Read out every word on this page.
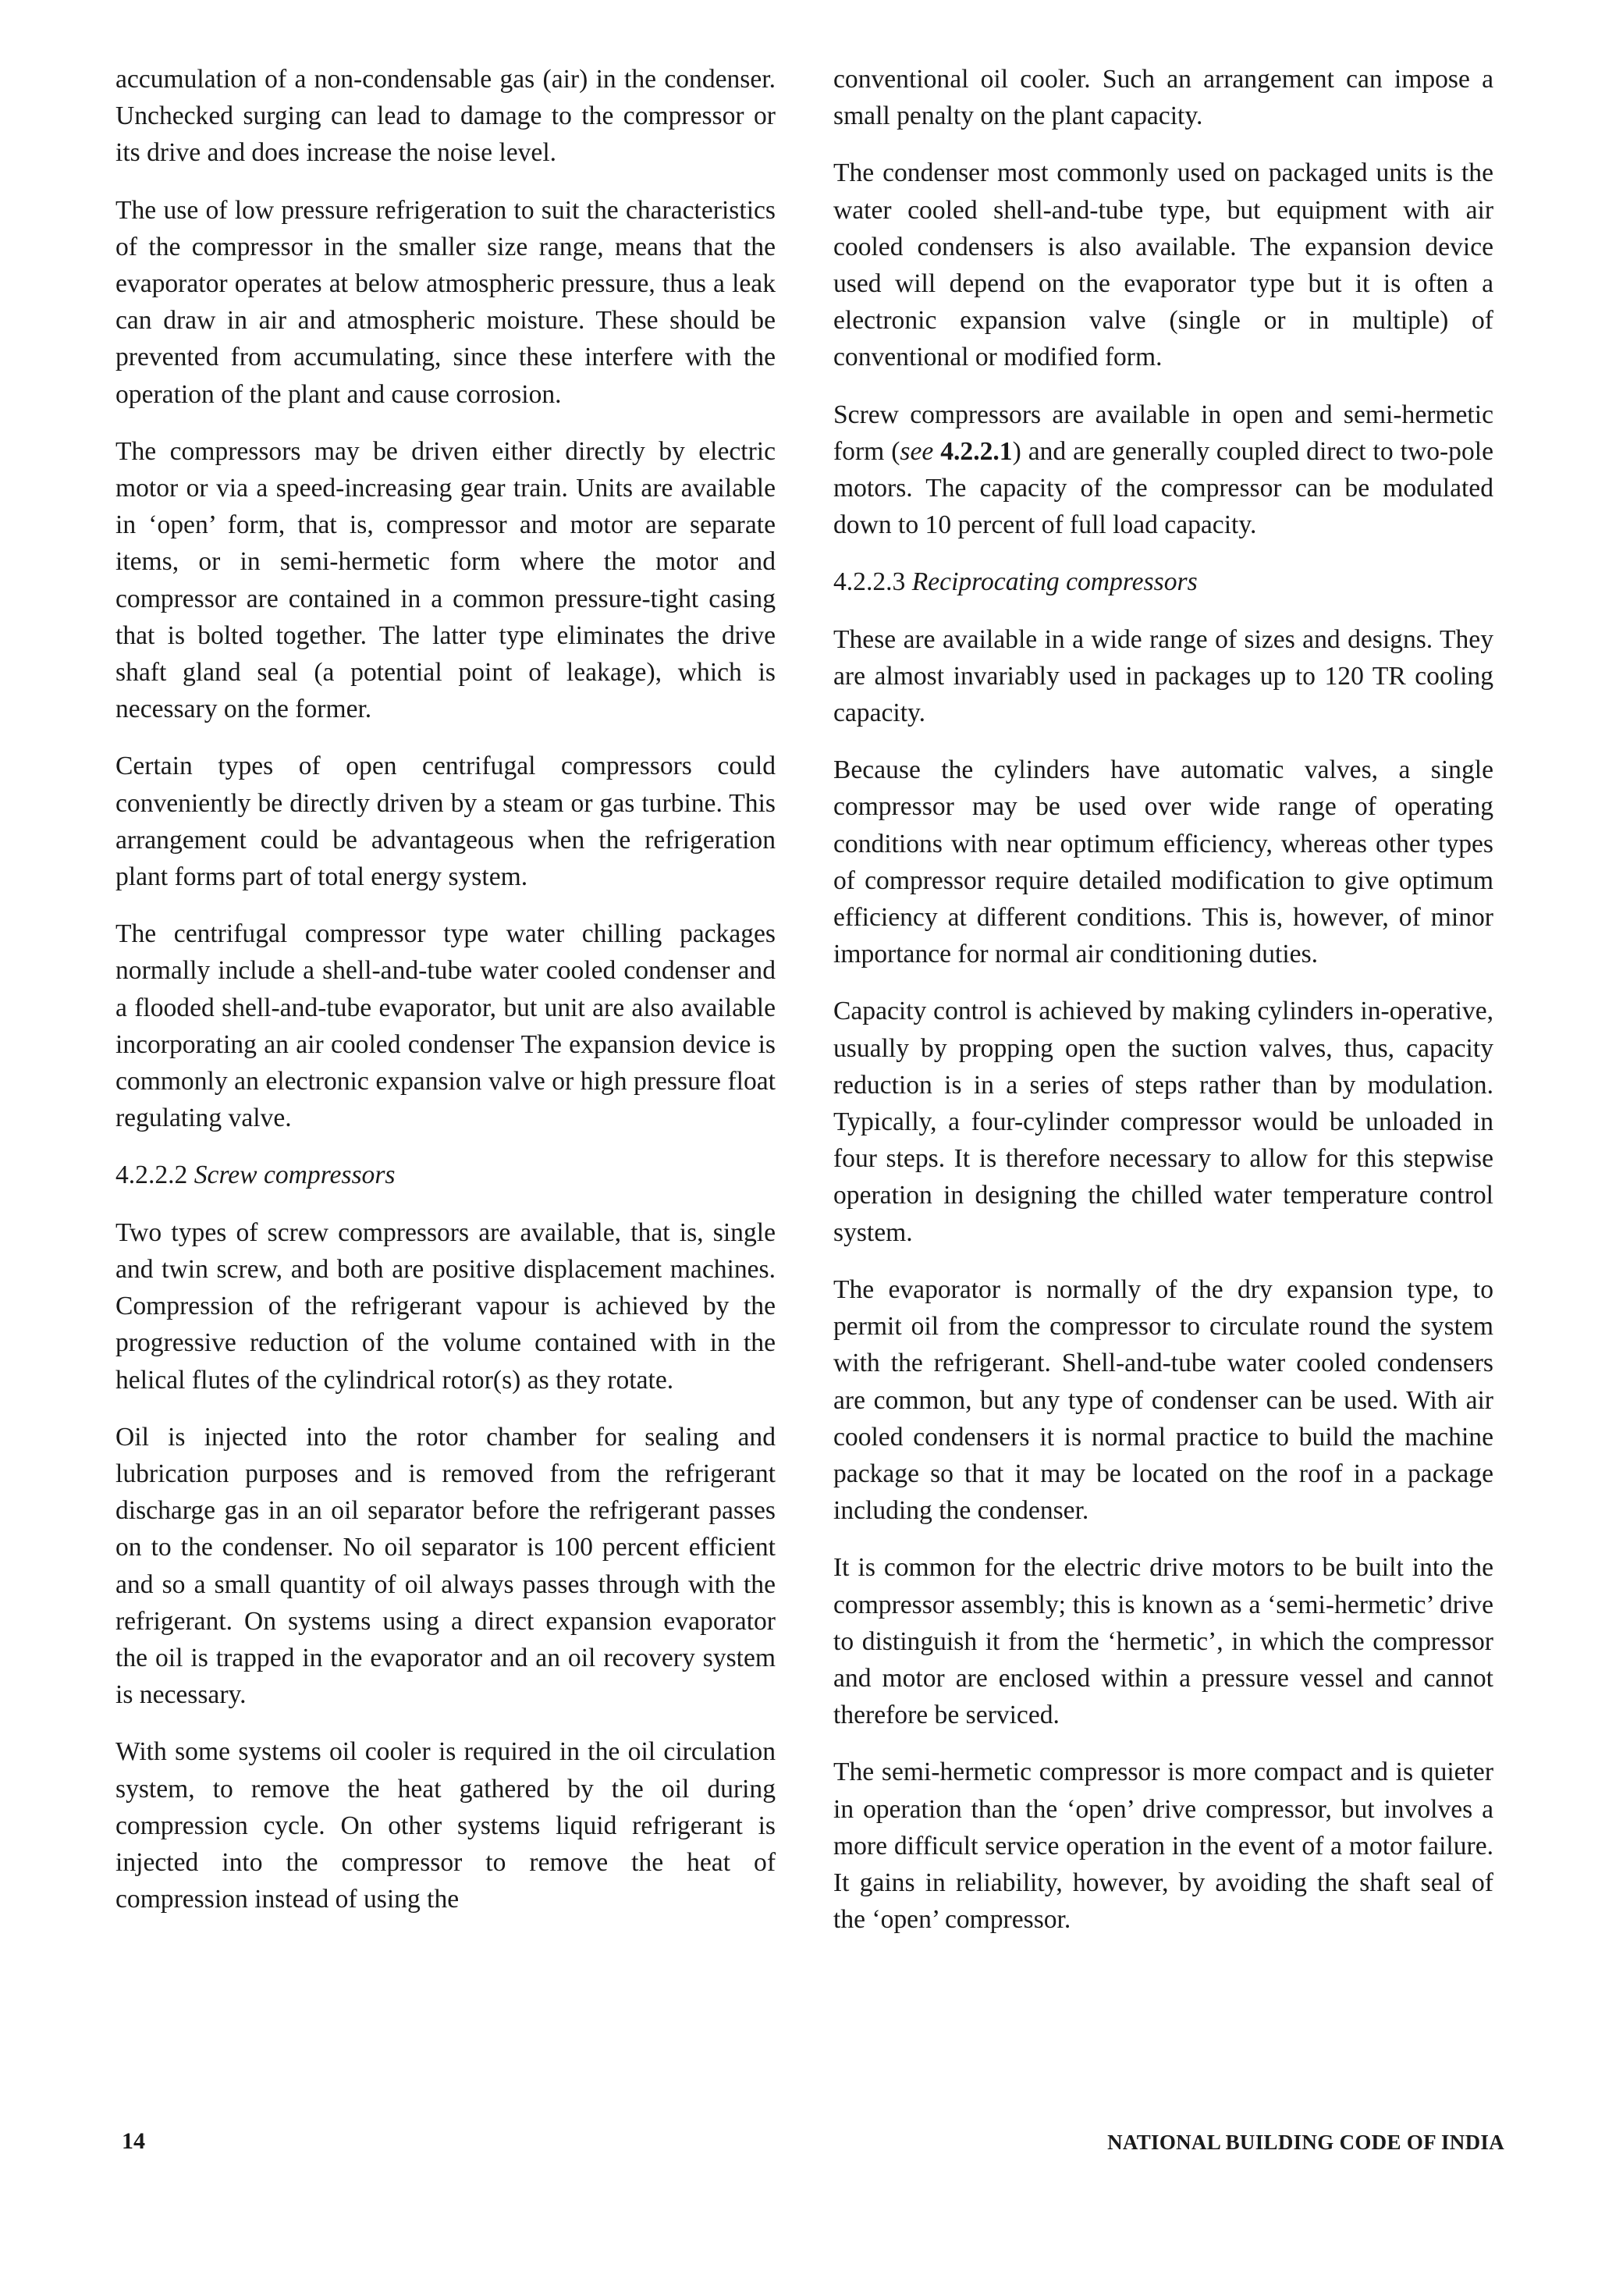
accumulation of a non-condensable gas (air) in the condenser. Unchecked surging can lead to damage to the compressor or its drive and does increase the noise level.

The use of low pressure refrigeration to suit the characteristics of the compressor in the smaller size range, means that the evaporator operates at below atmospheric pressure, thus a leak can draw in air and atmospheric moisture. These should be prevented from accumulating, since these interfere with the operation of the plant and cause corrosion.

The compressors may be driven either directly by electric motor or via a speed-increasing gear train. Units are available in ‘open’ form, that is, compressor and motor are separate items, or in semi-hermetic form where the motor and compressor are contained in a common pressure-tight casing that is bolted together. The latter type eliminates the drive shaft gland seal (a potential point of leakage), which is necessary on the former.

Certain types of open centrifugal compressors could conveniently be directly driven by a steam or gas turbine. This arrangement could be advantageous when the refrigeration plant forms part of total energy system.

The centrifugal compressor type water chilling packages normally include a shell-and-tube water cooled condenser and a flooded shell-and-tube evaporator, but unit are also available incorporating an air cooled condenser The expansion device is commonly an electronic expansion valve or high pressure float regulating valve.

4.2.2.2 Screw compressors

Two types of screw compressors are available, that is, single and twin screw, and both are positive displacement machines. Compression of the refrigerant vapour is achieved by the progressive reduction of the volume contained with in the helical flutes of the cylindrical rotor(s) as they rotate.

Oil is injected into the rotor chamber for sealing and lubrication purposes and is removed from the refrigerant discharge gas in an oil separator before the refrigerant passes on to the condenser. No oil separator is 100 percent efficient and so a small quantity of oil always passes through with the refrigerant. On systems using a direct expansion evaporator the oil is trapped in the evaporator and an oil recovery system is necessary.

With some systems oil cooler is required in the oil circulation system, to remove the heat gathered by the oil during compression cycle. On other systems liquid refrigerant is injected into the compressor to remove the heat of compression instead of using the

conventional oil cooler. Such an arrangement can impose a small penalty on the plant capacity.

The condenser most commonly used on packaged units is the water cooled shell-and-tube type, but equipment with air cooled condensers is also available. The expansion device used will depend on the evaporator type but it is often a electronic expansion valve (single or in multiple) of conventional or modified form.

Screw compressors are available in open and semi-hermetic form (see 4.2.2.1) and are generally coupled direct to two-pole motors. The capacity of the compressor can be modulated down to 10 percent of full load capacity.

4.2.2.3 Reciprocating compressors

These are available in a wide range of sizes and designs. They are almost invariably used in packages up to 120 TR cooling capacity.

Because the cylinders have automatic valves, a single compressor may be used over wide range of operating conditions with near optimum efficiency, whereas other types of compressor require detailed modification to give optimum efficiency at different conditions. This is, however, of minor importance for normal air conditioning duties.

Capacity control is achieved by making cylinders in-operative, usually by propping open the suction valves, thus, capacity reduction is in a series of steps rather than by modulation. Typically, a four-cylinder compressor would be unloaded in four steps. It is therefore necessary to allow for this stepwise operation in designing the chilled water temperature control system.

The evaporator is normally of the dry expansion type, to permit oil from the compressor to circulate round the system with the refrigerant. Shell-and-tube water cooled condensers are common, but any type of condenser can be used. With air cooled condensers it is normal practice to build the machine package so that it may be located on the roof in a package including the condenser.

It is common for the electric drive motors to be built into the compressor assembly; this is known as a ‘semi-hermetic’ drive to distinguish it from the ‘hermetic’, in which the compressor and motor are enclosed within a pressure vessel and cannot therefore be serviced.

The semi-hermetic compressor is more compact and is quieter in operation than the ‘open’ drive compressor, but involves a more difficult service operation in the event of a motor failure. It gains in reliability, however, by avoiding the shaft seal of the ‘open’ compressor.

14	NATIONAL BUILDING CODE OF INDIA
